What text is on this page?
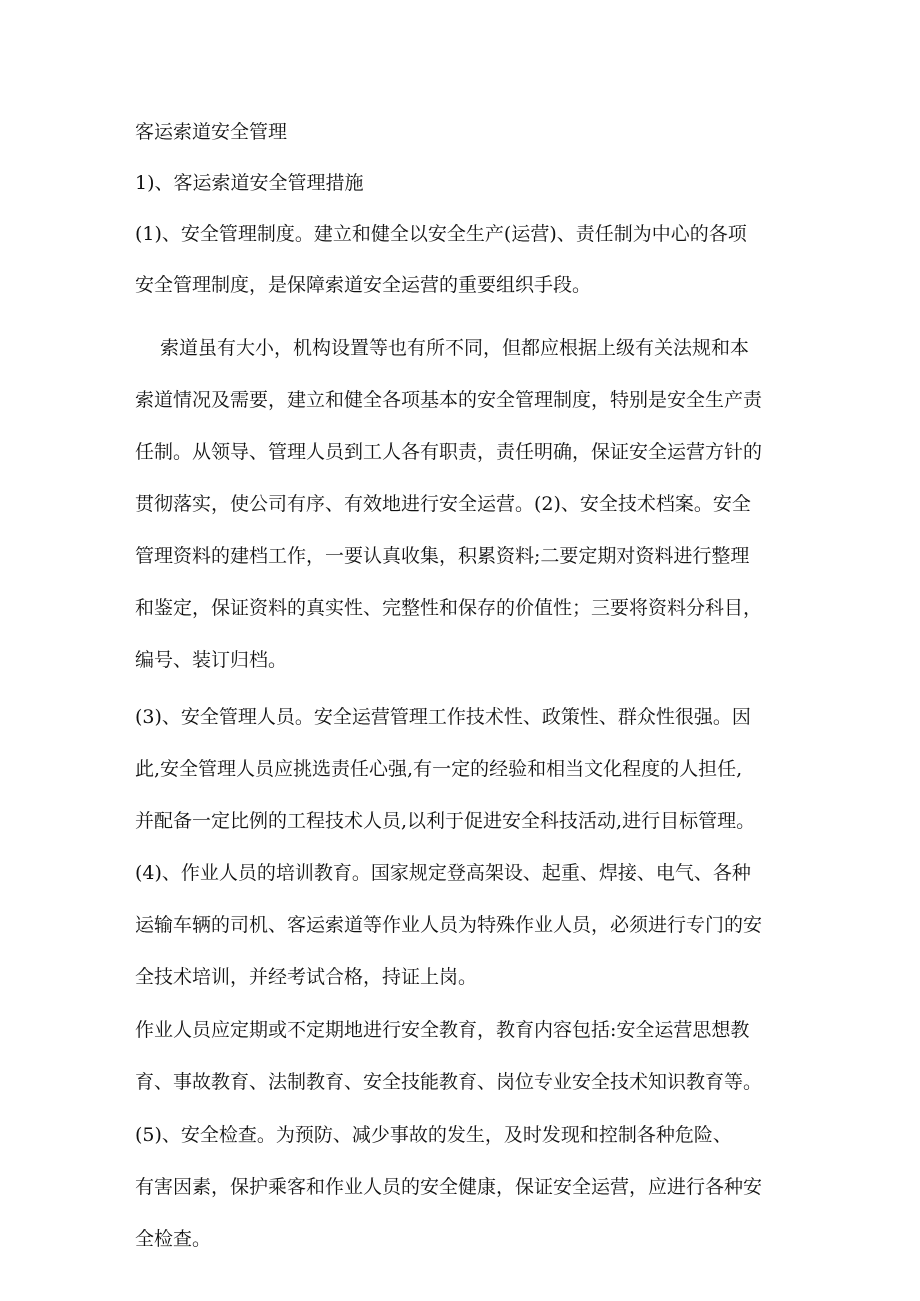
客运索道安全管理
1)、客运索道安全管理措施
(1)、安全管理制度。建立和健全以安全生产(运营)、责任制为中心的各项
安全管理制度，是保障索道安全运营的重要组织手段。
索道虽有大小，机构设置等也有所不同，但都应根据上级有关法规和本
索道情况及需要，建立和健全各项基本的安全管理制度，特别是安全生产责
任制。从领导、管理人员到工人各有职责，责任明确，保证安全运营方针的
贯彻落实，使公司有序、有效地进行安全运营。(2)、安全技术档案。安全
管理资料的建档工作，一要认真收集，积累资料;二要定期对资料进行整理
和鉴定，保证资料的真实性、完整性和保存的价值性；三要将资料分科目，
编号、装订归档。
(3)、安全管理人员。安全运营管理工作技术性、政策性、群众性很强。因
此,安全管理人员应挑选责任心强,有一定的经验和相当文化程度的人担任,
并配备一定比例的工程技术人员,以利于促进安全科技活动,进行目标管理。
(4)、作业人员的培训教育。国家规定登高架设、起重、焊接、电气、各种
运输车辆的司机、客运索道等作业人员为特殊作业人员，必须进行专门的安
全技术培训，并经考试合格，持证上岗。
作业人员应定期或不定期地进行安全教育，教育内容包括:安全运营思想教
育、事故教育、法制教育、安全技能教育、岗位专业安全技术知识教育等。
(5)、安全检查。为预防、减少事故的发生，及时发现和控制各种危险、
有害因素，保护乘客和作业人员的安全健康，保证安全运营，应进行各种安
全检查。
